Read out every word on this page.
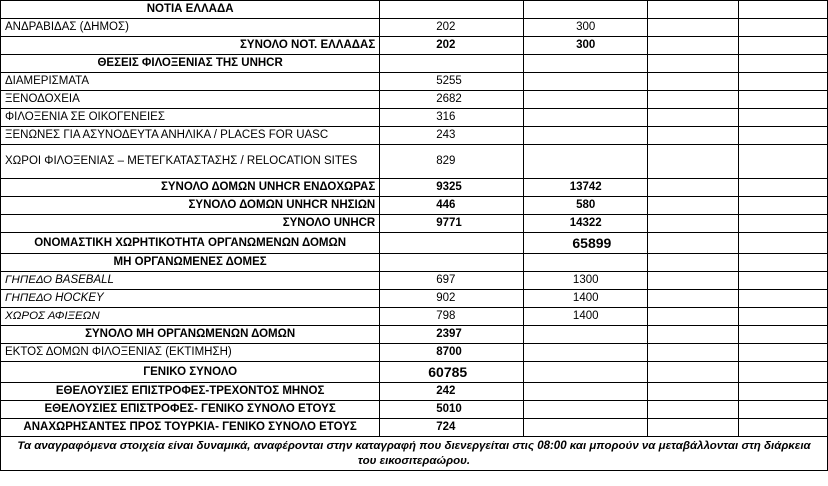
ΝΟΤΙΑ ΕΛΛΑΔΑ				
ΑΝΔΡΑΒΙΔΑΣ (ΔΗΜΟΣ)	202	300		
ΣΥΝΟΛΟ ΝΟΤ. ΕΛΛΑΔΑΣ	202	300		
ΘΕΣΕΙΣ ΦΙΛΟΞΕΝΙΑΣ ΤΗΣ UNHCR				
ΔΙΑΜΕΡΙΣΜΑΤΑ	5255			
ΞΕΝΟΔΟΧΕΙΑ	2682			
ΦΙΛΟΞΕΝΙΑ ΣΕ ΟΙΚΟΓΕΝΕΙΕΣ	316			
ΞΕΝΩΝΕΣ ΓΙΑ ΑΣΥΝΟΔΕΥΤΑ ΑΝΗΛΙΚΑ / PLACES FOR UASC	243			
ΧΩΡΟΙ ΦΙΛΟΞΕΝΙΑΣ – ΜΕΤΕΓΚΑΤΑΣΤΑΣΗΣ / RELOCATION SITES	829			
ΣΥΝΟΛΟ ΔΟΜΩΝ UNHCR ΕΝΔΟΧΩΡΑΣ	9325	13742		
ΣΥΝΟΛΟ ΔΟΜΩΝ UNHCR ΝΗΣΙΩΝ	446	580		
ΣΥΝΟΛΟ UNHCR	9771	14322		
ΟΝΟΜΑΣΤΙΚΗ ΧΩΡΗΤΙΚΟΤΗΤΑ ΟΡΓΑΝΩΜΕΝΩΝ ΔΟΜΩΝ		65899		
ΜΗ ΟΡΓΑΝΩΜΕΝΕΣ ΔΟΜΕΣ				
ΓΗΠΕΔΟ BASEBALL	697	1300		
ΓΗΠΕΔΟ HOCKEY	902	1400		
ΧΩΡΟΣ ΑΦΙΞΕΩΝ	798	1400		
ΣΥΝΟΛΟ ΜΗ ΟΡΓΑΝΩΜΕΝΩΝ ΔΟΜΩΝ	2397			
ΕΚΤΟΣ ΔΟΜΩΝ ΦΙΛΟΞΕΝΙΑΣ (ΕΚΤΙΜΗΣΗ)	8700			
ΓΕΝΙΚΟ ΣΥΝΟΛΟ	60785			
ΕΘΕΛΟΥΣΙΕΣ ΕΠΙΣΤΡΟΦΕΣ-ΤΡΕΧΟΝΤΟΣ ΜΗΝΟΣ	242			
ΕΘΕΛΟΥΣΙΕΣ ΕΠΙΣΤΡΟΦΕΣ- ΓΕΝΙΚΟ ΣΥΝΟΛΟ ΕΤΟΥΣ	5010			
ΑΝΑΧΩΡΗΣΑΝΤΕΣ ΠΡΟΣ ΤΟΥΡΚΙΑ- ΓΕΝΙΚΟ ΣΥΝΟΛΟ ΕΤΟΥΣ	724			
Τα αναγραφόμενα στοιχεία είναι δυναμικά, αναφέρονται στην καταγραφή που διενεργείται στις 08:00 και μπορούν να μεταβάλλονται στη διάρκεια του εικοσιτεραώρου.				
